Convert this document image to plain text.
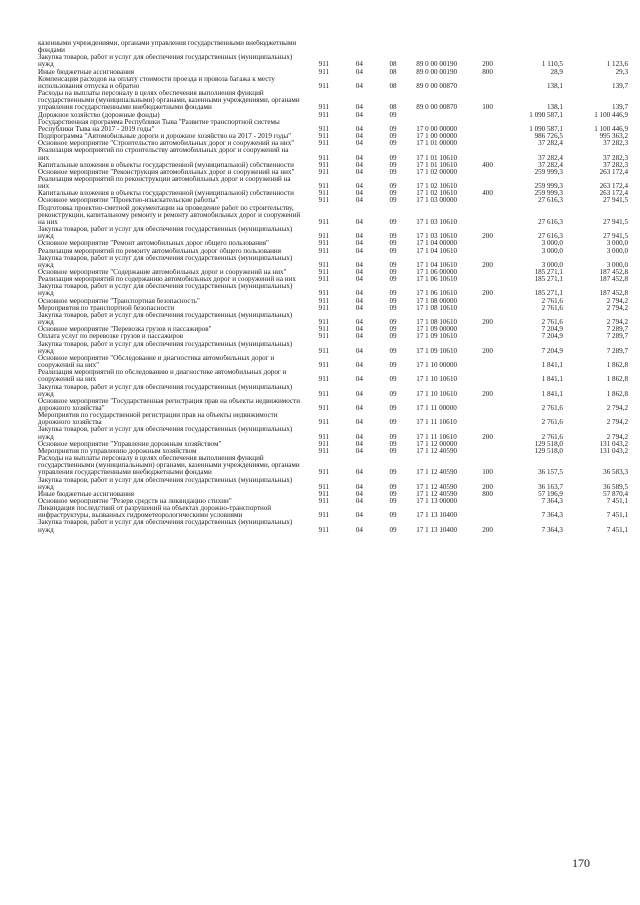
казенными учреждениями, органами управления государственными внебюджетными фондами							
Закупка товаров, работ и услуг для обеспечения государственных (муниципальных) нужд	911	04	08	89 0 00 00190	200	1 110,5	1 123,6
Иные бюджетные ассигнования	911	04	08	89 0 00 00190	800	28,9	29,3
Компенсация расходов на оплату стоимости проезда и провоза багажа к месту использования отпуска и обратно	911	04	08	89 0 00 00870		138,1	139,7
Расходы на выплаты персоналу в целях обеспечения выполнения функций государственными (муниципальными) органами, казенными учреждениями, органами управления государственными внебюджетными фондами	911	04	08	89 0 00 00870	100	138,1	139,7
Дорожное хозяйство (дорожные фонды)	911	04	09			1 090 587,1	1 100 446,9
Государственная программа Республики Тыва "Развитие транспортной системы Республики Тыва на 2017 - 2019 годы"	911	04	09	17 0 00 00000		1 090 587,1	1 100 446,9
Подпрограмма "Автомобильные дороги и дорожное хозяйство на 2017 - 2019 годы"	911	04	09	17 1 00 00000		986 726,5	995 363,2
Основное мероприятие "Строительство автомобильных дорог и сооружений на них"	911	04	09	17 1 01 00000		37 282,4	37 282,3
Реализация мероприятий по строительству автомобильных дорог и сооружений на них	911	04	09	17 1 01 10610		37 282,4	37 282,3
Капитальные вложения в объекты государственной (муниципальной) собственности	911	04	09	17 1 01 10610	400	37 282,4	37 282,3
Основное мероприятие "Реконструкция автомобильных дорог и сооружений на них"	911	04	09	17 1 02 00000		259 999,3	263 172,4
Реализация мероприятий по реконструкции автомобильных дорог и сооружений на них	911	04	09	17 1 02 10610		259 999,3	263 172,4
Капитальные вложения в объекты государственной (муниципальной) собственности	911	04	09	17 1 02 10610	400	259 999,3	263 172,4
Основное мероприятие "Проектно-изыскательские работы"	911	04	09	17 1 03 00000		27 616,3	27 941,5
Подготовка проектно-сметной документации на проведение работ по строительству, реконструкции, капитальному ремонту и ремонту автомобильных дорог и сооружений на них	911	04	09	17 1 03 10610		27 616,3	27 941,5
Закупка товаров, работ и услуг для обеспечения государственных (муниципальных) нужд	911	04	09	17 1 03 10610	200	27 616,3	27 941,5
Основное мероприятие "Ремонт автомобильных дорог общего пользования"	911	04	09	17 1 04 00000		3 000,0	3 000,0
Реализация мероприятий по ремонту автомобильных дорог общего пользования	911	04	09	17 1 04 10610		3 000,0	3 000,0
Закупка товаров, работ и услуг для обеспечения государственных (муниципальных) нужд	911	04	09	17 1 04 10610	200	3 000,0	3 000,0
Основное мероприятие "Содержание автомобильных дорог и сооружений на них"	911	04	09	17 1 06 00000		185 271,1	187 452,8
Реализация мероприятий по содержанию автомобильных дорог и сооружений на них	911	04	09	17 1 06 10610		185 271,1	187 452,8
Закупка товаров, работ и услуг для обеспечения государственных (муниципальных) нужд	911	04	09	17 1 06 10610	200	185 271,1	187 452,8
Основное мероприятие "Транспортная безопасность"	911	04	09	17 1 08 00000		2 761,6	2 794,2
Мероприятия по транспортной безопасности	911	04	09	17 1 08 10610		2 761,6	2 794,2
Закупка товаров, работ и услуг для обеспечения государственных (муниципальных) нужд	911	04	09	17 1 08 10610	200	2 761,6	2 794,2
Основное мероприятие "Перевозка грузов и пассажиров"	911	04	09	17 1 09 00000		7 204,9	7 289,7
Оплата услуг по перевозке грузов и пассажиров	911	04	09	17 1 09 10610		7 204,9	7 289,7
Закупка товаров, работ и услуг для обеспечения государственных (муниципальных) нужд	911	04	09	17 1 09 10610	200	7 204,9	7 289,7
Основное мероприятие "Обследование и диагностика автомобильных дорог и сооружений на них"	911	04	09	17 1 10 00000		1 841,1	1 862,8
Реализация мероприятий по обследованию и диагностике автомобильных дорог и сооружений на них	911	04	09	17 1 10 10610		1 841,1	1 862,8
Закупка товаров, работ и услуг для обеспечения государственных (муниципальных) нужд	911	04	09	17 1 10 10610	200	1 841,1	1 862,8
Основное мероприятие "Государственная регистрация прав на объекты недвижимости дорожного хозяйства"	911	04	09	17 1 11 00000		2 761,6	2 794,2
Мероприятия по государственной регистрации прав на объекты недвижимости дорожного хозяйства	911	04	09	17 1 11 10610		2 761,6	2 794,2
Закупка товаров, работ и услуг для обеспечения государственных (муниципальных) нужд	911	04	09	17 1 11 10610	200	2 761,6	2 794,2
Основное мероприятие "Управление дорожным хозяйством"	911	04	09	17 1 12 00000		129 518,0	131 043,2
Мероприятия по управлению дорожным хозяйством	911	04	09	17 1 12 40590		129 518,0	131 043,2
Расходы на выплаты персоналу в целях обеспечения выполнения функций государственными (муниципальными) органами, казенными учреждениями, органами управления государственными внебюджетными фондами	911	04	09	17 1 12 40590	100	36 157,5	36 583,3
Закупка товаров, работ и услуг для обеспечения государственных (муниципальных) нужд	911	04	09	17 1 12 40590	200	36 163,7	36 589,5
Иные бюджетные ассигнования	911	04	09	17 1 12 40590	800	57 196,9	57 870,4
Основное мероприятие "Резерв средств на ликвидацию стихии"	911	04	09	17 1 13 00000		7 364,3	7 451,1
Ликвидация последствий от разрушений на объектах дорожно-транспортной инфраструктуры, вызванных гидрометеорологическими условиями	911	04	09	17 1 13 10400		7 364,3	7 451,1
Закупка товаров, работ и услуг для обеспечения государственных (муниципальных) нужд	911	04	09	17 1 13 10400	200	7 364,3	7 451,1
170
